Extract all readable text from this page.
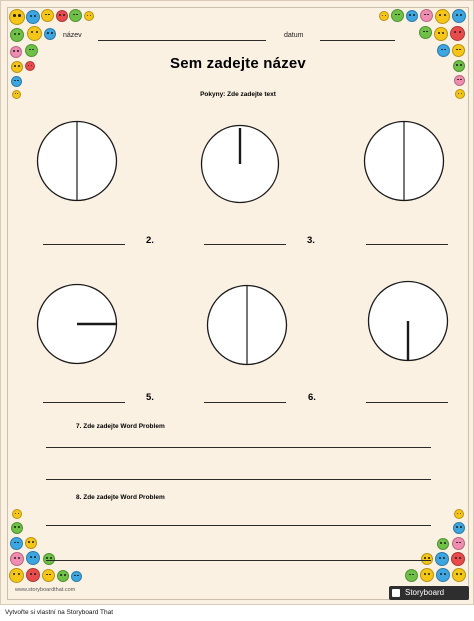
název	datum
Sem zadejte název
Pokyny: Zde zadejte text
2.	3.
5.	6.
7. Zde zadejte Word Problem
8. Zde zadejte Word Problem
www.storyboardthat.com	Storyboard
Vytvořte si vlastní na Storyboard That
